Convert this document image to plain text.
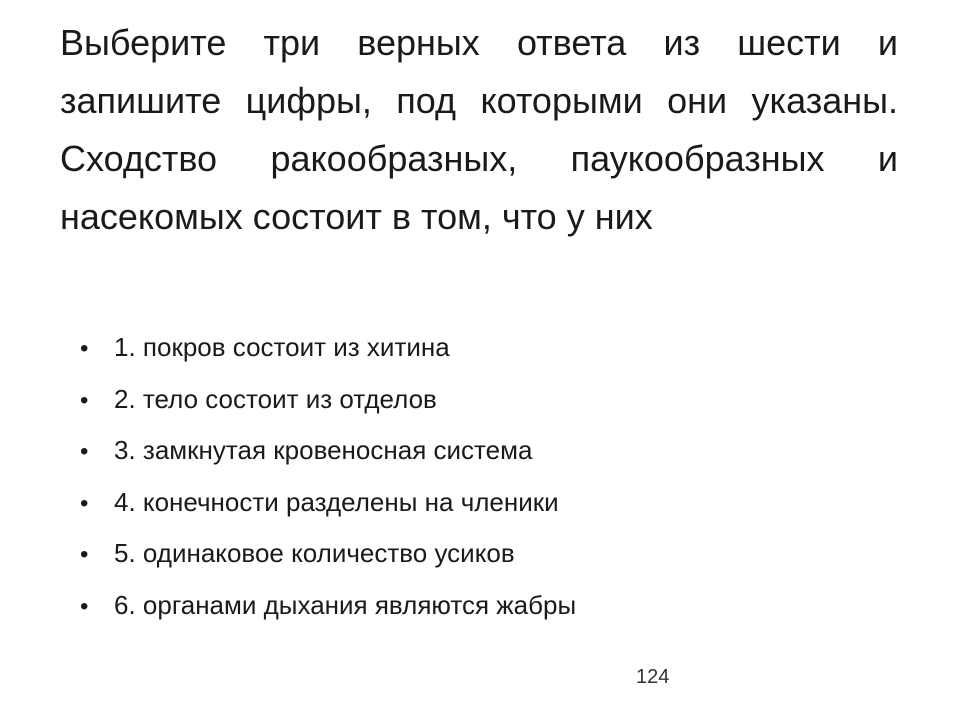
Выберите три верных ответа из шести и запишите цифры, под которыми они указаны. Сходство ракообразных, паукообразных и насекомых состоит в том, что у них

• 1. покров состоит из хитина
• 2. тело состоит из отделов
• 3. замкнутая кровеносная система
• 4. конечности разделены на членики
• 5. одинаковое количество усиков
• 6. органами дыхания являются жабры
124
